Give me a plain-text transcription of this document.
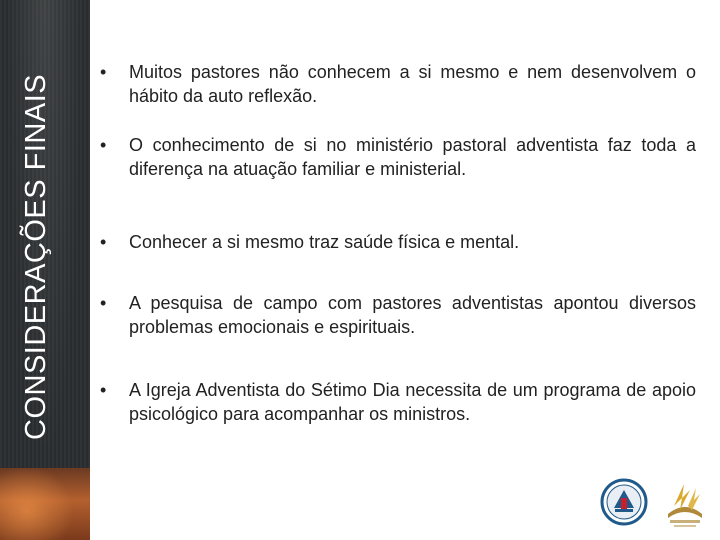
CONSIDERAÇÕES FINAIS
• Muitos pastores não conhecem a si mesmo e nem desenvolvem o hábito da auto reflexão.
• O conhecimento de si no ministério pastoral adventista faz toda a diferença na atuação familiar e ministerial.
• Conhecer a si mesmo traz saúde física e mental.
• A pesquisa de campo com pastores adventistas apontou diversos problemas emocionais e espirituais.
• A Igreja Adventista do Sétimo Dia necessita de um programa de apoio psicológico para acompanhar os ministros.
